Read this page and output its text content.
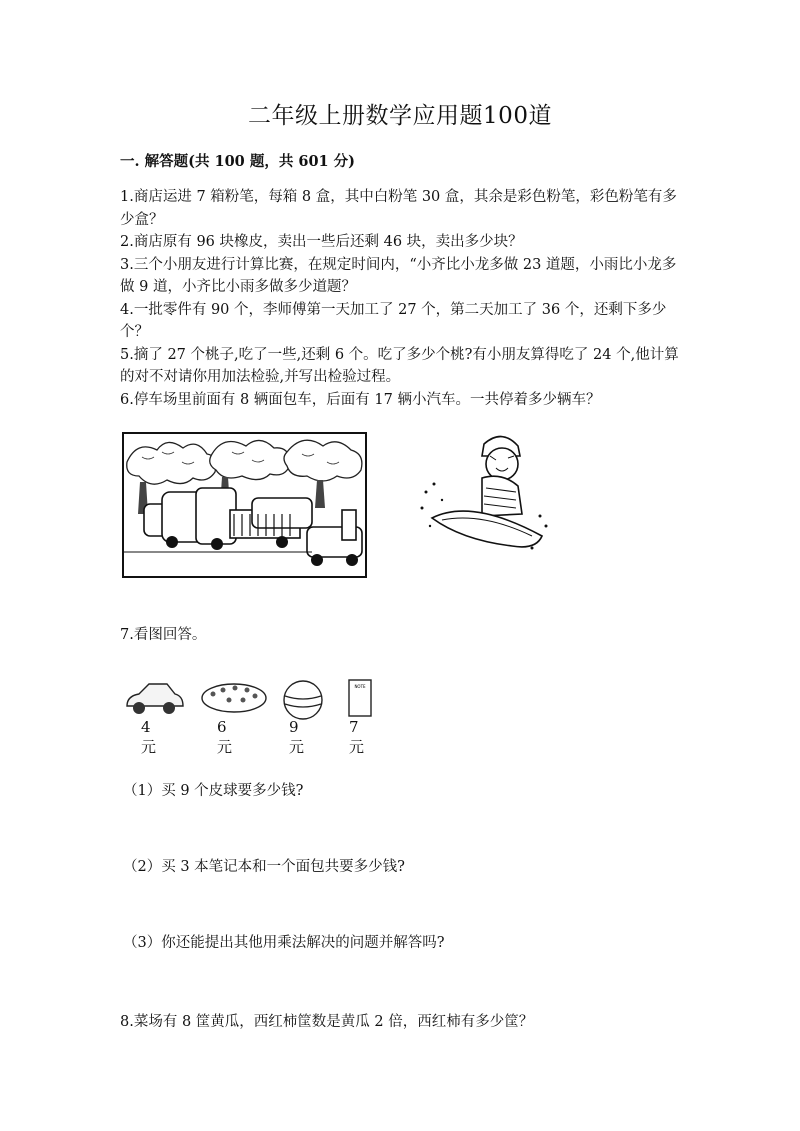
二年级上册数学应用题100道
一. 解答题(共 100 题，共 601 分)

1.商店运进 7 箱粉笔，每箱 8 盒，其中白粉笔 30 盒，其余是彩色粉笔，彩色粉笔有多少盒？

2.商店原有 96 块橡皮，卖出一些后还剩 46 块，卖出多少块？

3.三个小朋友进行计算比赛，在规定时间内，“小齐比小龙多做 23 道题，小雨比小龙多做 9 道，小齐比小雨多做多少道题？

4.一批零件有 90 个，李师傅第一天加工了 27 个，第二天加工了 36 个，还剩下多少个？

5.摘了 27 个桃子,吃了一些,还剩 6 个。吃了多少个桃?有小朋友算得吃了 24 个,他计算的对不对请你用加法检验,并写出检验过程。

6.停车场里前面有 8 辆面包车，后面有 17 辆小汽车。一共停着多少辆车？

7.看图回答。
NOTE
4元
6元
9元
7元
（1）买 9 个皮球要多少钱?
（2）买 3 本笔记本和一个面包共要多少钱?
（3）你还能提出其他用乘法解决的问题并解答吗?
8.菜场有 8 筐黄瓜，西红柿筐数是黄瓜 2 倍，西红柿有多少筐？
